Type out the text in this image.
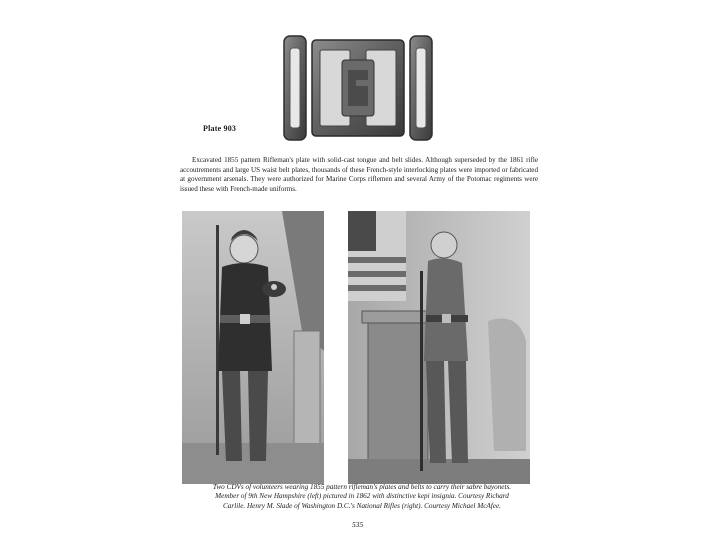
Plate 903

Excavated 1855 pattern Rifleman's plate with solid-cast tongue and belt slides. Although superseded by the 1861 rifle accoutrements and large US waist belt plates, thousands of these French-style interlocking plates were imported or fabricated at government arsenals. They were authorized for Marine Corps riflemen and several Army of the Potomac regiments were issued these with French-made uniforms.

Two CDVs of volunteers wearing 1855 pattern rifleman's plates and belts to carry their sabre bayonets. Member of 9th New Hampshire (left) pictured in 1862 with distinctive kepi insignia. Courtesy Richard Carlile. Henry M. Slade of Washington D.C.'s National Rifles (right). Courtesy Michael McAfee.

535
